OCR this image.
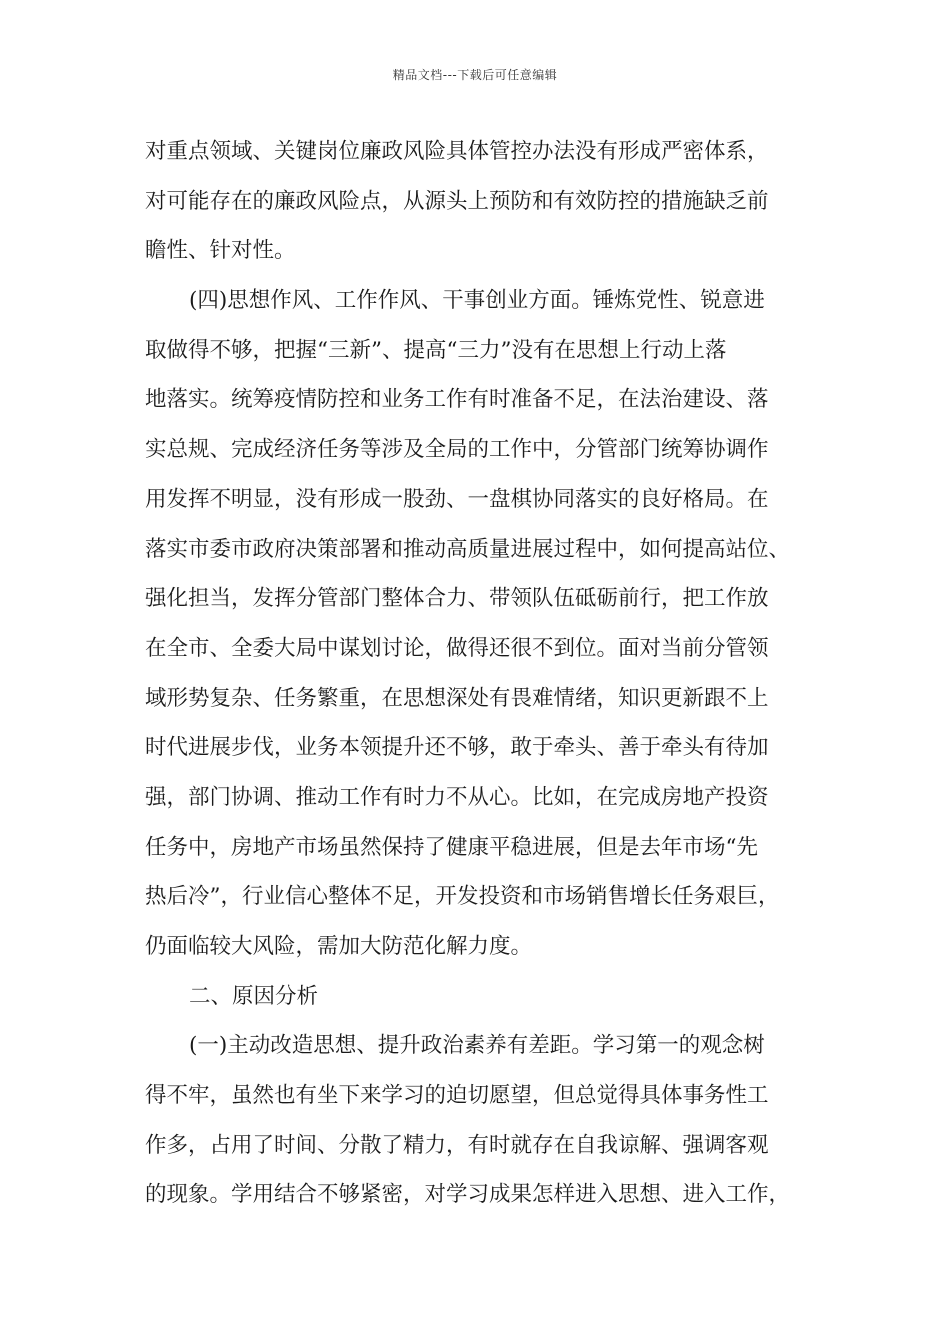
精品文档---下载后可任意编辑
对重点领域、关键岗位廉政风险具体管控办法没有形成严密体系，
对可能存在的廉政风险点，从源头上预防和有效防控的措施缺乏前
瞻性、针对性。
(四)思想作风、工作作风、干事创业方面。锤炼党性、锐意进
取做得不够，把握“三新”、提高“三力”没有在思想上行动上落
地落实。统筹疫情防控和业务工作有时准备不足，在法治建设、落
实总规、完成经济任务等涉及全局的工作中，分管部门统筹协调作
用发挥不明显，没有形成一股劲、一盘棋协同落实的良好格局。在
落实市委市政府决策部署和推动高质量进展过程中，如何提高站位、
强化担当，发挥分管部门整体合力、带领队伍砥砺前行，把工作放
在全市、全委大局中谋划讨论，做得还很不到位。面对当前分管领
域形势复杂、任务繁重，在思想深处有畏难情绪，知识更新跟不上
时代进展步伐，业务本领提升还不够，敢于牵头、善于牵头有待加
强，部门协调、推动工作有时力不从心。比如，在完成房地产投资
任务中，房地产市场虽然保持了健康平稳进展，但是去年市场“先
热后冷”，行业信心整体不足，开发投资和市场销售增长任务艰巨，
仍面临较大风险，需加大防范化解力度。
二、原因分析
(一)主动改造思想、提升政治素养有差距。学习第一的观念树
得不牢，虽然也有坐下来学习的迫切愿望，但总觉得具体事务性工
作多，占用了时间、分散了精力，有时就存在自我谅解、强调客观
的现象。学用结合不够紧密，对学习成果怎样进入思想、进入工作，
